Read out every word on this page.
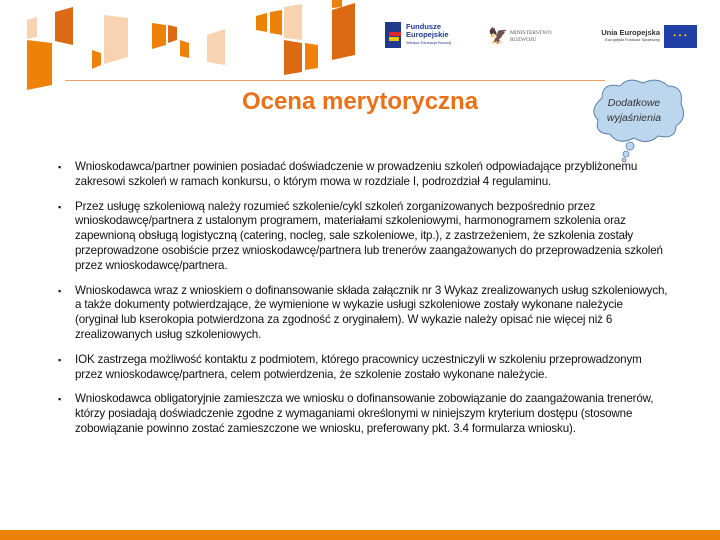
Fundusze
Europejskie
Wiedza Edukacja Rozwój 🦅 MINISTERSTWO
ROZWOJU
Unia Europejska
Europejski Fundusz Społeczny
✦✦✦
Ocena merytoryczna	Dodatkowe wyjaśnienia
▪	Wnioskodawca/partner powinien posiadać doświadczenie w prowadzeniu szkoleń odpowiadające przybliżonemu zakresowi szkoleń w ramach konkursu, o którym mowa w rozdziale I, podrozdział 4 regulaminu.
▪	Przez usługę szkoleniową należy rozumieć szkolenie/cykl szkoleń zorganizowanych bezpośrednio przez wnioskodawcę/partnera z ustalonym programem, materiałami szkoleniowymi, harmonogramem szkolenia oraz zapewnioną obsługą logistyczną (catering, nocleg, sale szkoleniowe, itp.), z zastrzeżeniem, że szkolenia zostały przeprowadzone osobiście przez wnioskodawcę/partnera lub trenerów zaangażowanych do przeprowadzenia szkoleń przez wnioskodawcę/partnera.
▪	Wnioskodawca wraz z wnioskiem o dofinansowanie składa załącznik nr 3 Wykaz zrealizowanych usług szkoleniowych, a także dokumenty potwierdzające, że wymienione w wykazie usługi szkoleniowe zostały wykonane należycie (oryginał lub kserokopia potwierdzona za zgodność z oryginałem). W wykazie należy opisać nie więcej niż 6 zrealizowanych usług szkoleniowych.
▪	IOK zastrzega możliwość kontaktu z podmiotem, którego pracownicy uczestniczyli w szkoleniu przeprowadzonym przez wnioskodawcę/partnera, celem potwierdzenia, że szkolenie zostało wykonane należycie.
▪	Wnioskodawca obligatoryjnie zamieszcza we wniosku o dofinansowanie zobowiązanie do zaangażowania trenerów, którzy posiadają doświadczenie zgodne z wymaganiami określonymi w niniejszym kryterium dostępu (stosowne zobowiązanie powinno zostać zamieszczone we wniosku, preferowany pkt. 3.4 formularza wniosku).
